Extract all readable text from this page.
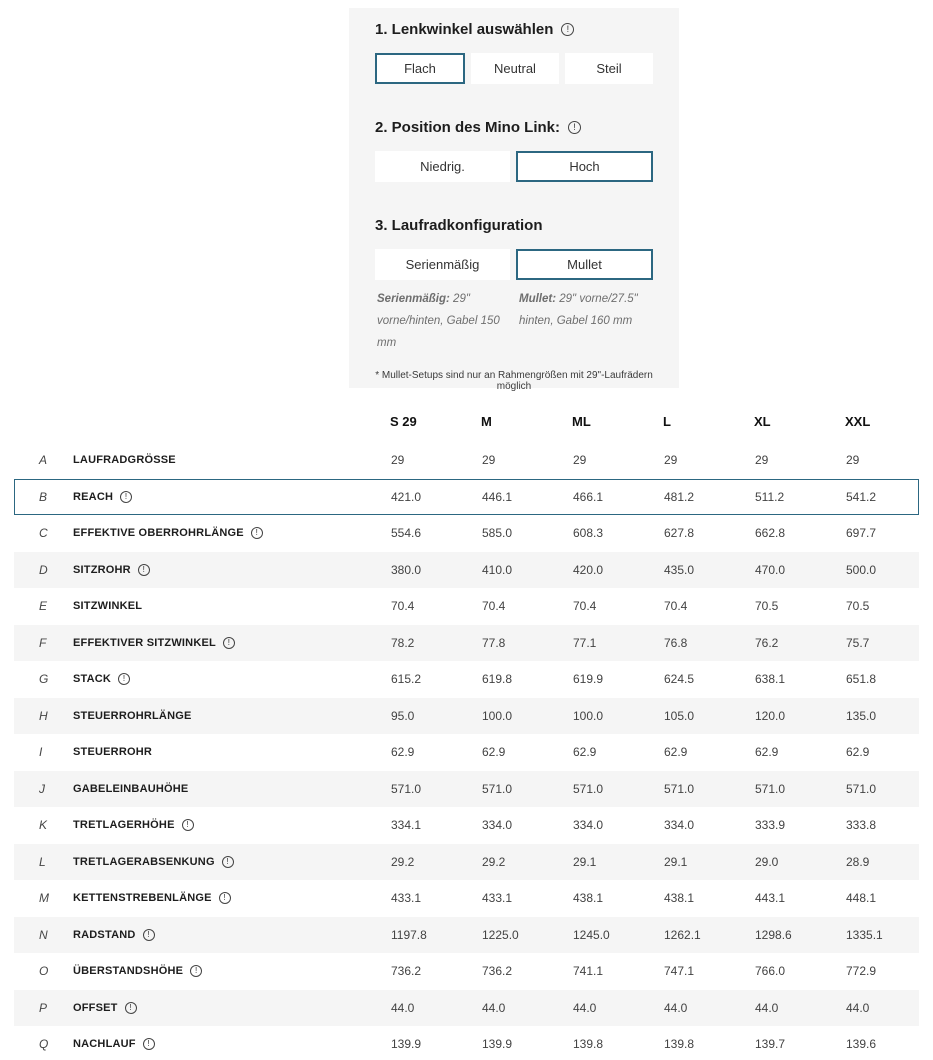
1. Lenkwinkel auswählen	!
Flach	Neutral	Steil
2. Position des Mino Link:	!
Niedrig.	Hoch
3. Laufradkonfiguration
Serienmäßig	Mullet
Serienmäßig: 29" vorne/hinten, Gabel 150 mm
Mullet: 29" vorne/27.5" hinten, Gabel 160 mm
* Mullet-Setups sind nur an Rahmengrößen mit 29"-Laufrädern möglich
S 29	M	ML	L	XL	XXL
A	LAUFRADGRÖSSE	29	29	29	29	29	29
B	REACH	!	421.0	446.1	466.1	481.2	511.2	541.2
C	EFFEKTIVE OBERROHRLÄNGE	!	554.6	585.0	608.3	627.8	662.8	697.7
D	SITZROHR	!	380.0	410.0	420.0	435.0	470.0	500.0
E	SITZWINKEL	70.4	70.4	70.4	70.4	70.5	70.5
F	EFFEKTIVER SITZWINKEL	!	78.2	77.8	77.1	76.8	76.2	75.7
G	STACK	!	615.2	619.8	619.9	624.5	638.1	651.8
H	STEUERROHRLÄNGE	95.0	100.0	100.0	105.0	120.0	135.0
I	STEUERROHR	62.9	62.9	62.9	62.9	62.9	62.9
J	GABELEINBAUHÖHE	571.0	571.0	571.0	571.0	571.0	571.0
K	TRETLAGERHÖHE	!	334.1	334.0	334.0	334.0	333.9	333.8
L	TRETLAGERABSENKUNG	!	29.2	29.2	29.1	29.1	29.0	28.9
M	KETTENSTREBENLÄNGE	!	433.1	433.1	438.1	438.1	443.1	448.1
N	RADSTAND	!	1197.8	1225.0	1245.0	1262.1	1298.6	1335.1
O	ÜBERSTANDSHÖHE	!	736.2	736.2	741.1	747.1	766.0	772.9
P	OFFSET	!	44.0	44.0	44.0	44.0	44.0	44.0
Q	NACHLAUF	!	139.9	139.9	139.8	139.8	139.7	139.6
